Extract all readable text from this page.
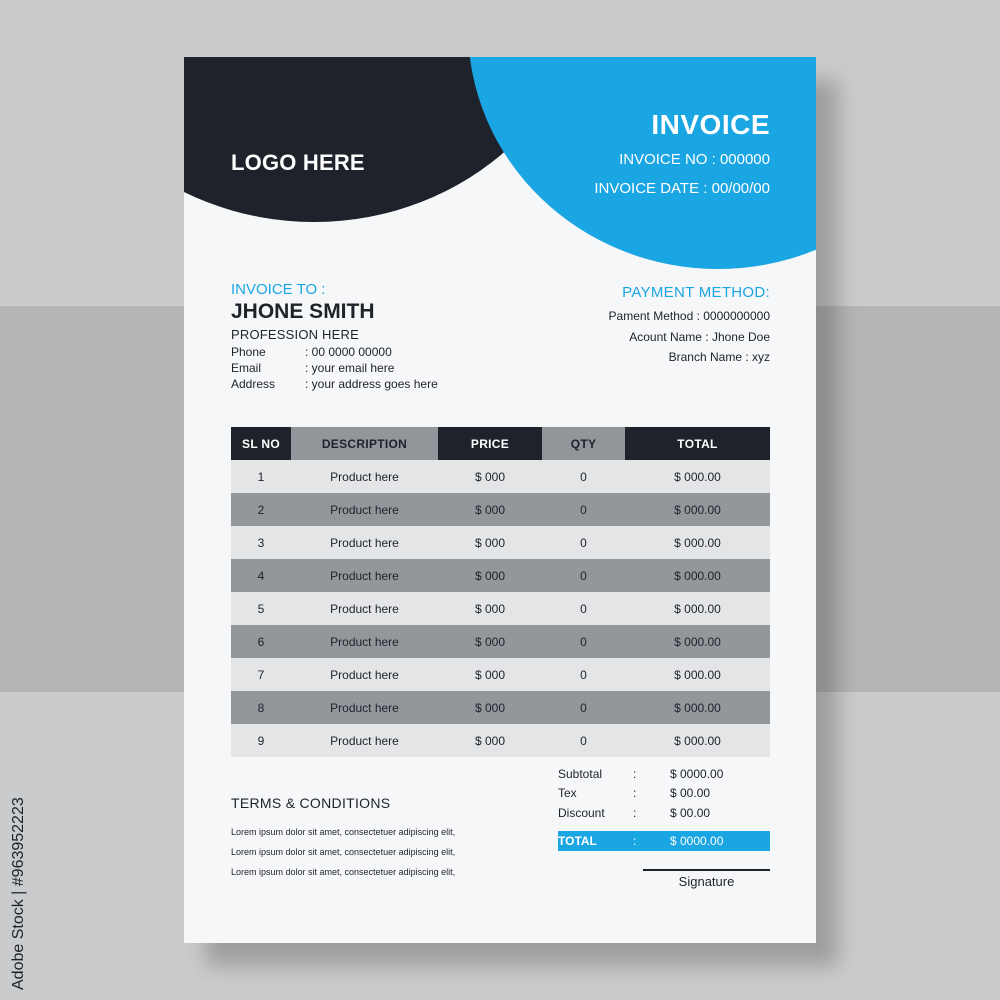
Adobe Stock | #963952223
LOGO HERE
INVOICE
INVOICE NO : 000000
INVOICE DATE : 00/00/00
INVOICE TO :
JHONE SMITH
PROFESSION HERE
Phone	: 00 0000 00000
Email	: your email here
Address : your address goes here
PAYMENT METHOD:
Pament Method : 0000000000
Acount Name : Jhone Doe
Branch Name : xyz
SL NO	DESCRIPTION	PRICE	QTY	TOTAL
1	Product here	$ 000	0	$ 000.00
2	Product here	$ 000	0	$ 000.00
3	Product here	$ 000	0	$ 000.00
4	Product here	$ 000	0	$ 000.00
5	Product here	$ 000	0	$ 000.00
6	Product here	$ 000	0	$ 000.00
7	Product here	$ 000	0	$ 000.00
8	Product here	$ 000	0	$ 000.00
9	Product here	$ 000	0	$ 000.00
TERMS & CONDITIONS
Lorem ipsum dolor sit amet, consectetuer adipiscing elit,
Lorem ipsum dolor sit amet, consectetuer adipiscing elit,
Lorem ipsum dolor sit amet, consectetuer adipiscing elit,
Subtotal	:	$ 0000.00
Tex	:	$ 00.00
Discount :	$ 00.00
TOTAL	:	$ 0000.00
Signature
